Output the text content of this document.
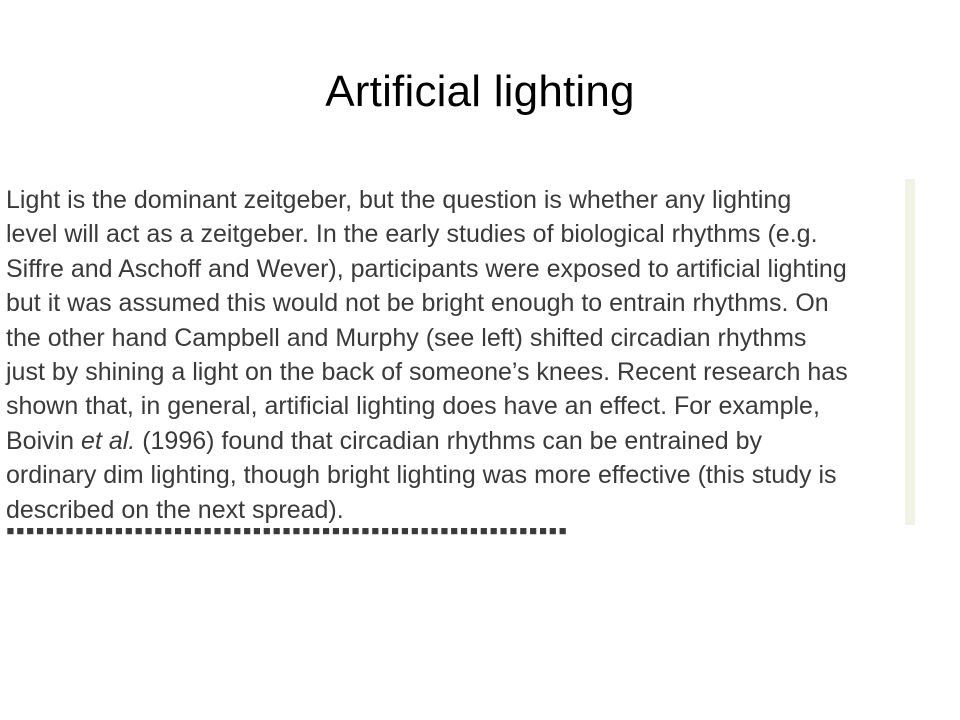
Artificial lighting

Light is the dominant zeitgeber, but the question is whether any lighting
level will act as a zeitgeber. In the early studies of biological rhythms (e.g.
Siffre and Aschoff and Wever), participants were exposed to artificial lighting
but it was assumed this would not be bright enough to entrain rhythms. On
the other hand Campbell and Murphy (see left) shifted circadian rhythms
just by shining a light on the back of someone’s knees. Recent research has
shown that, in general, artificial lighting does have an effect. For example,
Boivin et al. (1996) found that circadian rhythms can be entrained by
ordinary dim lighting, though bright lighting was more effective (this study is
described on the next spread).

▪▪▪▪▪▪▪▪▪▪▪▪▪▪▪▪▪▪▪▪▪▪▪▪▪▪▪▪▪▪▪▪▪▪▪▪▪▪▪▪▪▪▪▪▪▪▪▪▪▪▪▪▪▪▪▪▪
